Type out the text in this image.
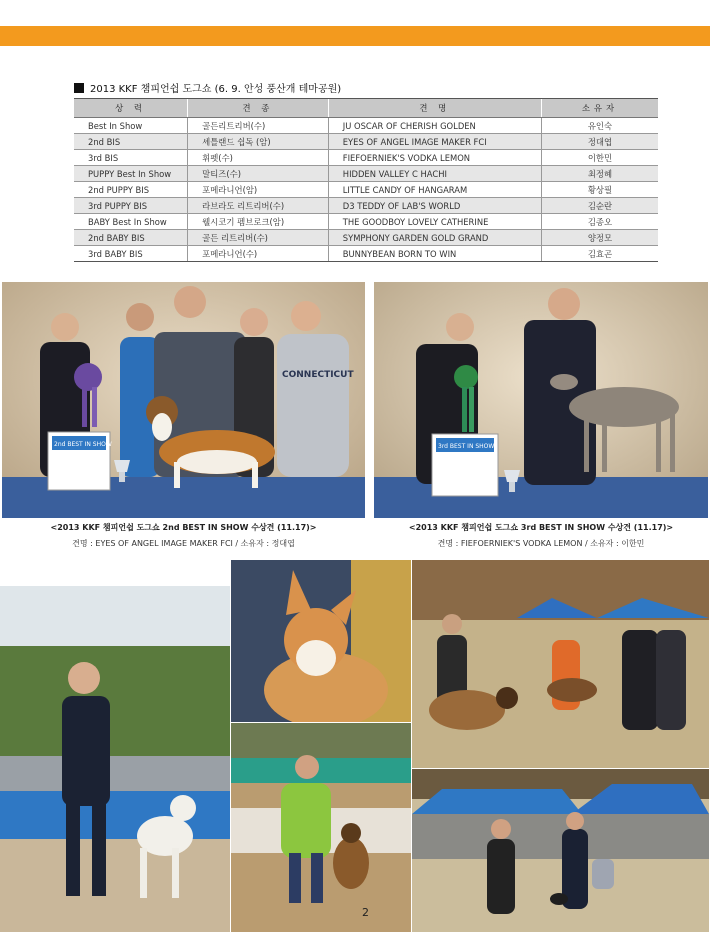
2013 KKF 챔피언쉽 도그쇼 (6. 9. 안성 풍산개 테마공원)
상 력	견 종	견 명	소유자
Best In Show	골든리트리버(수)	JU OSCAR OF CHERISH GOLDEN	유인숙
2nd BIS	셰틀랜드 쉽독 (암)	EYES OF ANGEL IMAGE MAKER FCI	정대엽
3rd BIS	휘펫(수)	FIEFOERNIEK'S VODKA LEMON	이한민
PUPPY Best In Show	말티즈(수)	HIDDEN VALLEY C HACHI	최정혜
2nd PUPPY BIS	포메라니언(암)	LITTLE CANDY OF HANGARAM	황상필
3rd PUPPY BIS	라브라도 리트리버(수)	D3 TEDDY OF LAB'S WORLD	김순란
BABY Best In Show	웰시코기 펨브로크(암)	THE GOODBOY LOVELY CATHERINE	김종오
2nd BABY BIS	골든 리트리버(수)	SYMPHONY GARDEN GOLD GRAND	양정모
3rd BABY BIS	포메라니언(수)	BUNNYBEAN BORN TO WIN	김효곤
CONNECTICUT
2nd BEST IN SHOW	3rd BEST IN SHOW
<2013 KKF 챔피언쉽 도그쇼 2nd BEST IN SHOW 수상견 (11.17)>
견명 : EYES OF ANGEL IMAGE MAKER FCI / 소유자 : 정대엽
<2013 KKF 챔피언쉽 도그쇼 3rd BEST IN SHOW 수상견 (11.17)>
견명 : FIEFOERNIEK'S VODKA LEMON / 소유자 : 이한민
2
